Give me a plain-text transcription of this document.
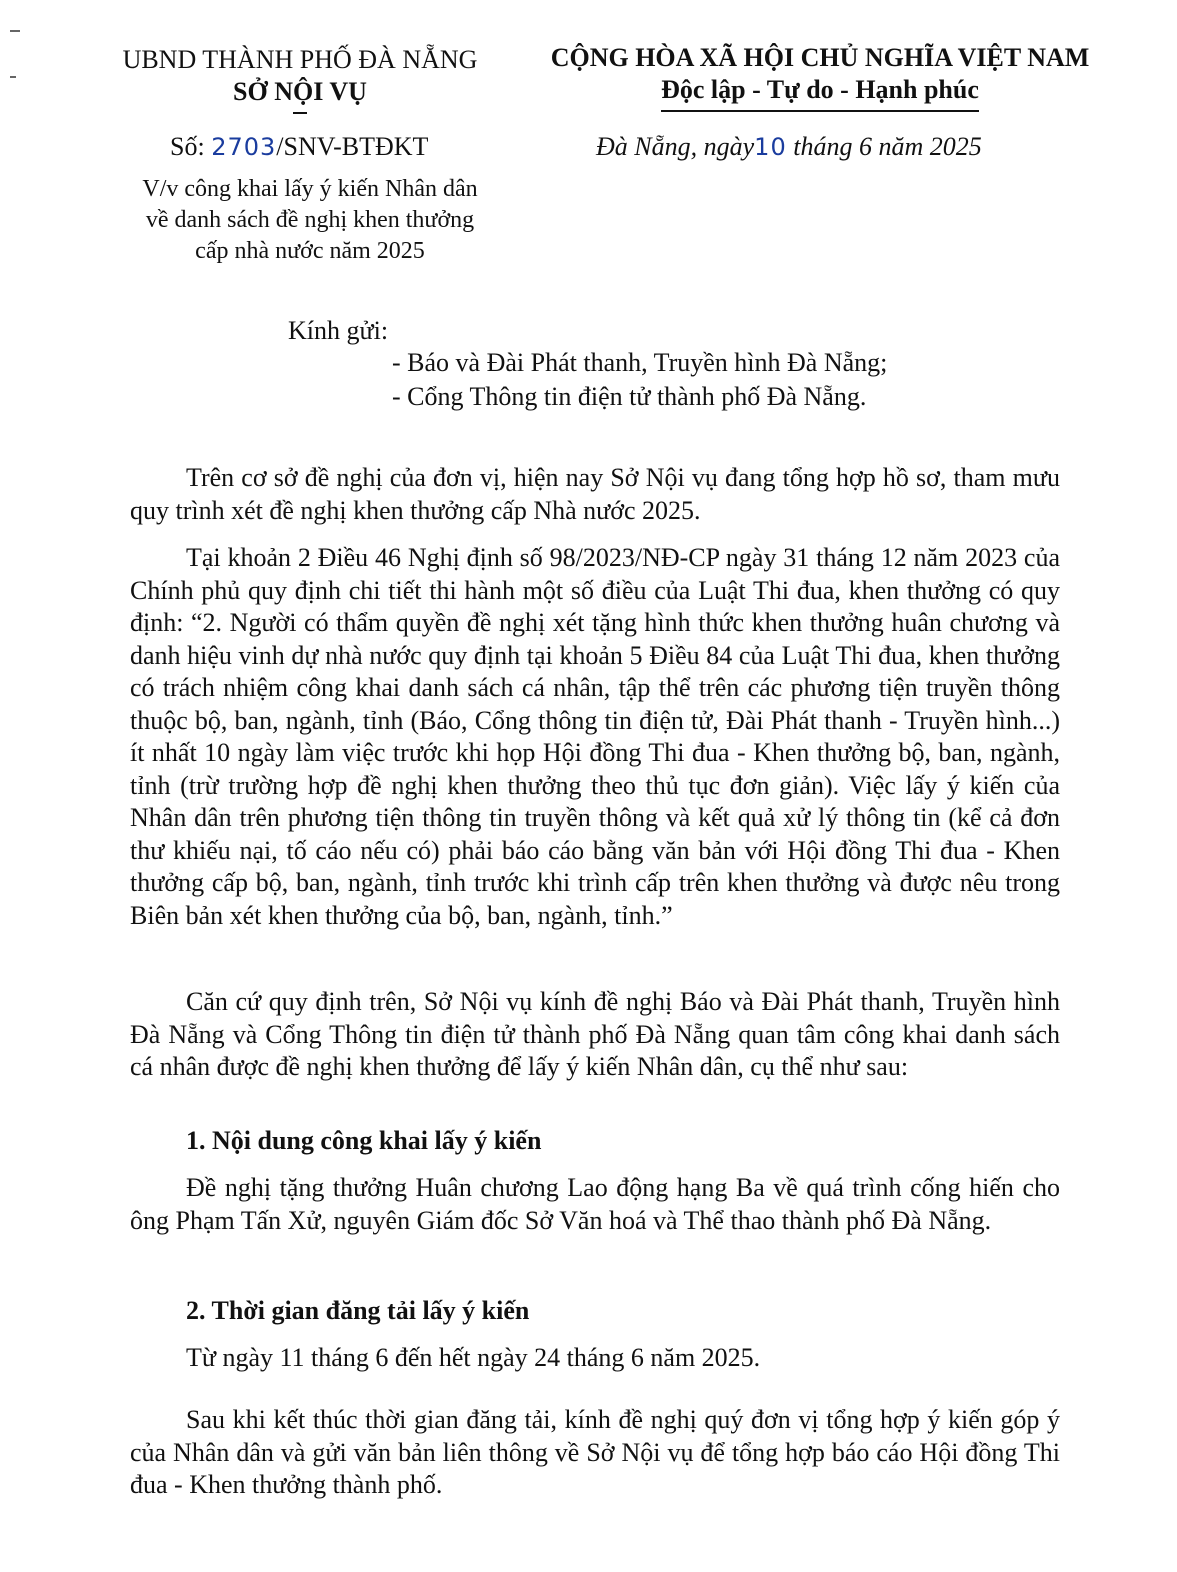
UBND THÀNH PHỐ ĐÀ NẴNG
SỞ NỘI VỤ
CỘNG HÒA XÃ HỘI CHỦ NGHĨA VIỆT NAM
Độc lập - Tự do - Hạnh phúc
Số: 2703/SNV-BTĐKT	Đà Nẵng, ngày10 tháng 6 năm 2025
V/v công khai lấy ý kiến Nhân dân
về danh sách đề nghị khen thưởng
cấp nhà nước năm 2025
Kính gửi:
- Báo và Đài Phát thanh, Truyền hình Đà Nẵng;
- Cổng Thông tin điện tử thành phố Đà Nẵng.

Trên cơ sở đề nghị của đơn vị, hiện nay Sở Nội vụ đang tổng hợp hồ sơ, tham mưu quy trình xét đề nghị khen thưởng cấp Nhà nước 2025.

Tại khoản 2 Điều 46 Nghị định số 98/2023/NĐ-CP ngày 31 tháng 12 năm 2023 của Chính phủ quy định chi tiết thi hành một số điều của Luật Thi đua, khen thưởng có quy định: “2. Người có thẩm quyền đề nghị xét tặng hình thức khen thưởng huân chương và danh hiệu vinh dự nhà nước quy định tại khoản 5 Điều 84 của Luật Thi đua, khen thưởng có trách nhiệm công khai danh sách cá nhân, tập thể trên các phương tiện truyền thông thuộc bộ, ban, ngành, tỉnh (Báo, Cổng thông tin điện tử, Đài Phát thanh - Truyền hình...) ít nhất 10 ngày làm việc trước khi họp Hội đồng Thi đua - Khen thưởng bộ, ban, ngành, tỉnh (trừ trường hợp đề nghị khen thưởng theo thủ tục đơn giản). Việc lấy ý kiến của Nhân dân trên phương tiện thông tin truyền thông và kết quả xử lý thông tin (kể cả đơn thư khiếu nại, tố cáo nếu có) phải báo cáo bằng văn bản với Hội đồng Thi đua - Khen thưởng cấp bộ, ban, ngành, tỉnh trước khi trình cấp trên khen thưởng và được nêu trong Biên bản xét khen thưởng của bộ, ban, ngành, tỉnh.”

Căn cứ quy định trên, Sở Nội vụ kính đề nghị Báo và Đài Phát thanh, Truyền hình Đà Nẵng và Cổng Thông tin điện tử thành phố Đà Nẵng quan tâm công khai danh sách cá nhân được đề nghị khen thưởng để lấy ý kiến Nhân dân, cụ thể như sau:

1. Nội dung công khai lấy ý kiến

Đề nghị tặng thưởng Huân chương Lao động hạng Ba về quá trình cống hiến cho ông Phạm Tấn Xử, nguyên Giám đốc Sở Văn hoá và Thể thao thành phố Đà Nẵng.

2. Thời gian đăng tải lấy ý kiến

Từ ngày 11 tháng 6 đến hết ngày 24 tháng 6 năm 2025.

Sau khi kết thúc thời gian đăng tải, kính đề nghị quý đơn vị tổng hợp ý kiến góp ý của Nhân dân và gửi văn bản liên thông về Sở Nội vụ để tổng hợp báo cáo Hội đồng Thi đua - Khen thưởng thành phố.
